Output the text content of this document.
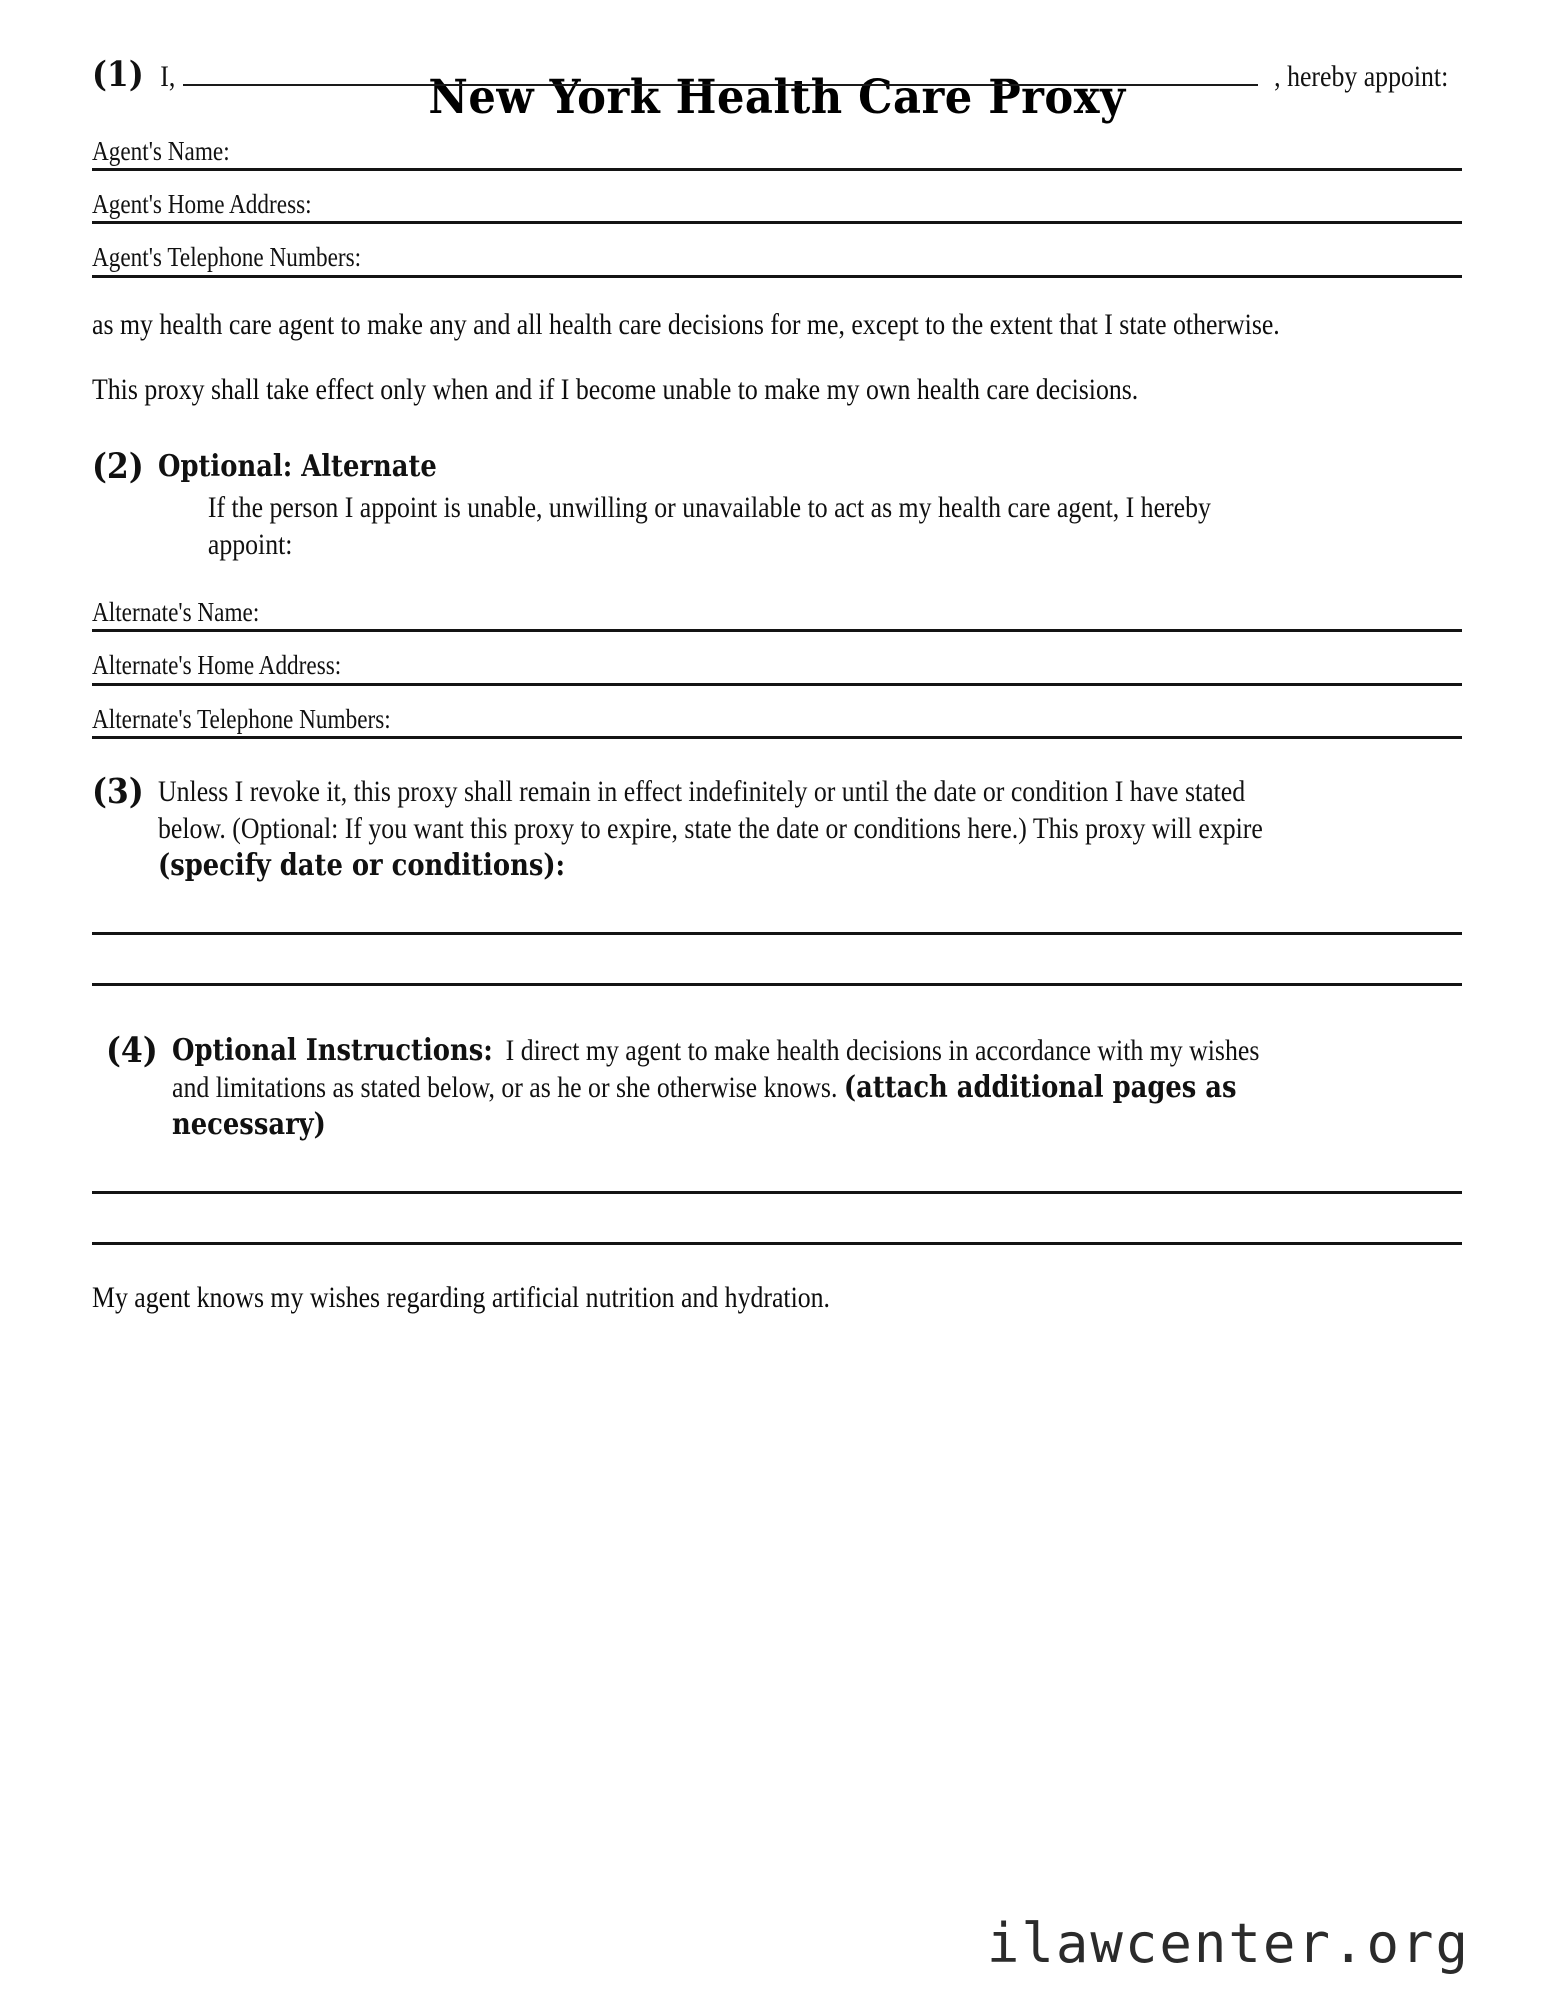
New York Health Care Proxy
(1) I,	, hereby appoint:
Agent's Name:
Agent's Home Address:
Agent's Telephone Numbers:

as my health care agent to make any and all health care decisions for me, except to the extent that I state otherwise.

This proxy shall take effect only when and if I become unable to make my own health care decisions.

(2) Optional: Alternate
If the person I appoint is unable, unwilling or unavailable to act as my health care agent, I hereby appoint:
Alternate's Name:
Alternate's Home Address:
Alternate's Telephone Numbers:
(3) Unless I revoke it, this proxy shall remain in effect indefinitely or until the date or condition I have stated below. (Optional: If you want this proxy to expire, state the date or conditions here.) This proxy will expire (specify date or conditions):
(4) Optional Instructions: I direct my agent to make health decisions in accordance with my wishes and limitations as stated below, or as he or she otherwise knows. (attach additional pages as necessary)

My agent knows my wishes regarding artificial nutrition and hydration.

ilawcenter.org
